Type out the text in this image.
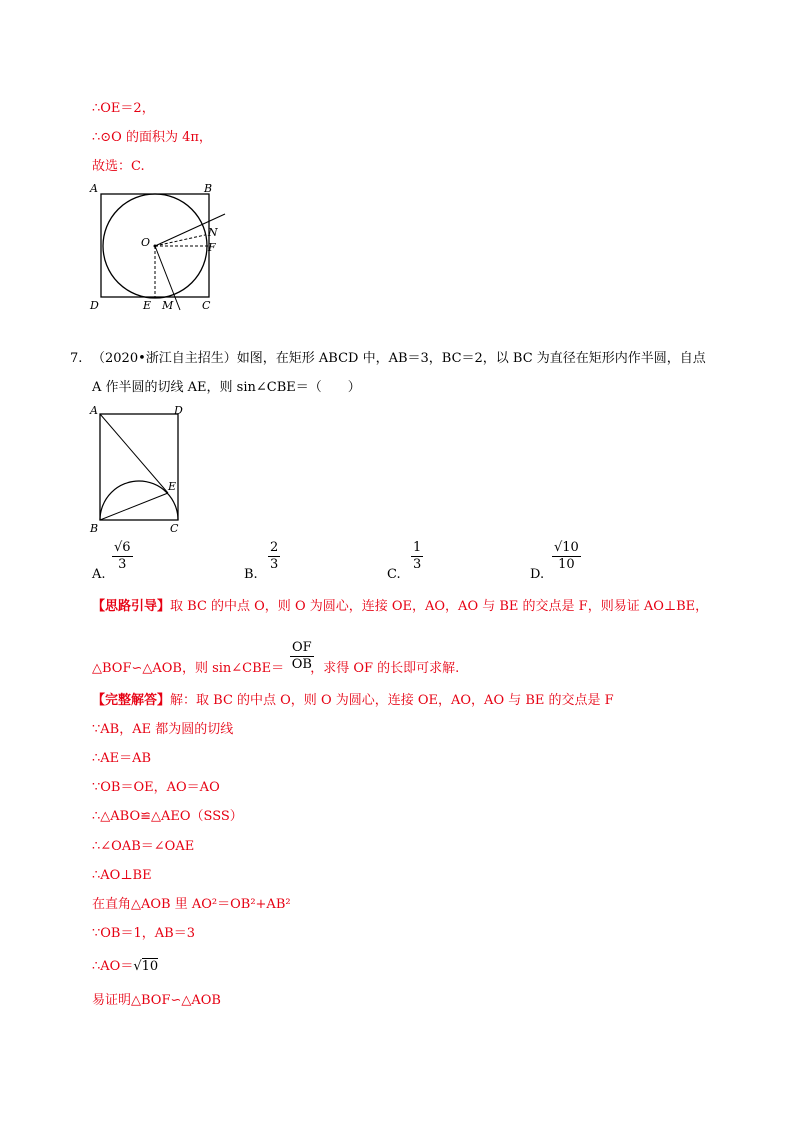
∴OE＝2，
∴⊙O 的面积为 4π，
故选：C.
A	B
O
N
F
D	E M	C
7. （2020•浙江自主招生）如图，在矩形 ABCD 中，AB＝3，BC＝2，以 BC 为直径在矩形内作半圆，自点
A 作半圆的切线 AE，则 sin∠CBE＝（　　）
A	D
E
B	C
A.
$\frac{√6}{3}$
B.
$\frac{2}{3}$
C.
$\frac{1}{3}$
D.
$\frac{√10}{10}$
【思路引导】取 BC 的中点 O，则 O 为圆心，连接 OE，AO，AO 与 BE 的交点是 F，则易证 AO⊥BE，
△BOF∽△AOB，则 sin∠CBE＝ ，求得 OF 的长即可求解.
$\frac{OF}{OB}$
【完整解答】解：取 BC 的中点 O，则 O 为圆心，连接 OE，AO，AO 与 BE 的交点是 F
∵AB，AE 都为圆的切线
∴AE＝AB
∵OB＝OE，AO＝AO
∴△ABO≌△AEO（SSS）
∴∠OAB＝∠OAE
∴AO⊥BE
在直角△AOB 里 AO²＝OB²+AB²
∵OB＝1，AB＝3
∴AO＝√10
易证明△BOF∽△AOB
